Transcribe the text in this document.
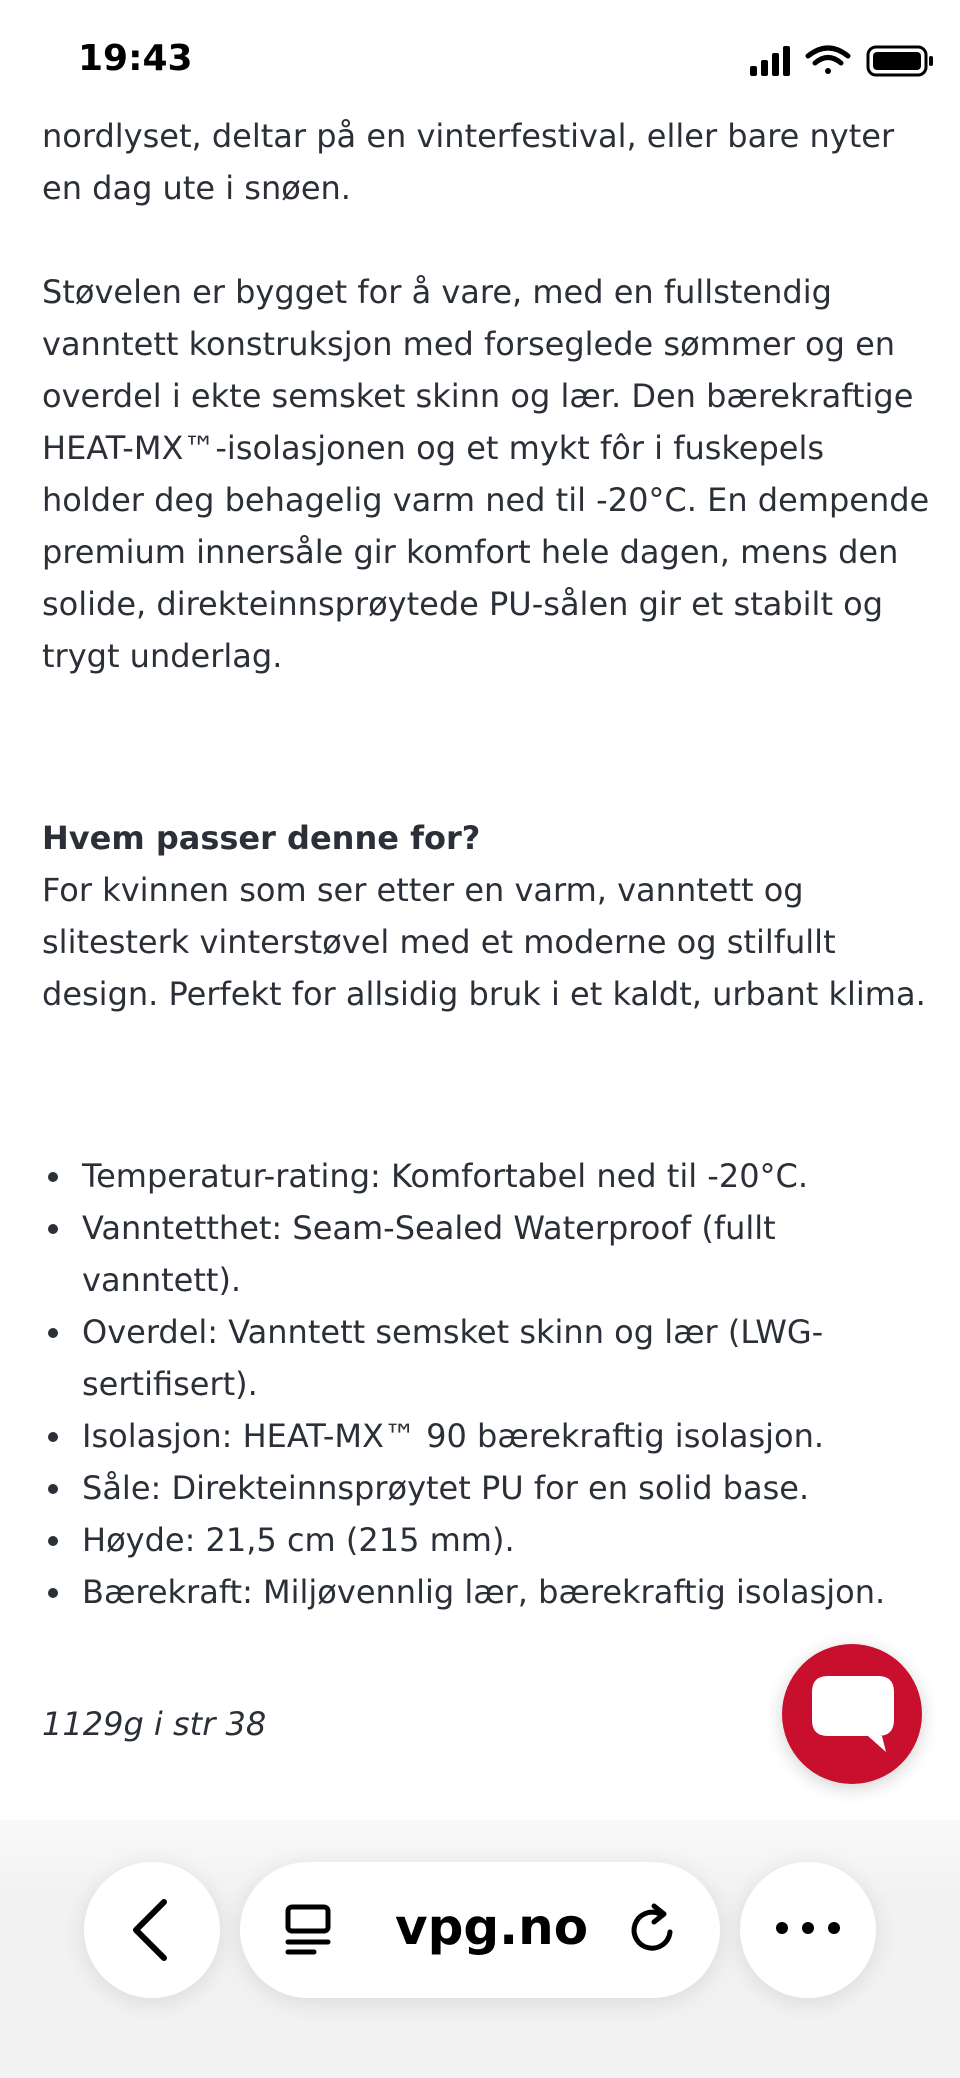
19:43

nordlyset, deltar på en vinterfestival, eller bare nyter en dag ute i snøen.

Støvelen er bygget for å vare, med en fullstendig vanntett konstruksjon med forseglede sømmer og en overdel i ekte semsket skinn og lær. Den bærekraftige HEAT-MX™-isolasjonen og et mykt fôr i fuskepels holder deg behagelig varm ned til -20°C. En dempende premium innersåle gir komfort hele dagen, mens den solide, direkteinnsprøytede PU-sålen gir et stabilt og trygt underlag.

Hvem passer denne for?

For kvinnen som ser etter en varm, vanntett og slitesterk vinterstøvel med et moderne og stilfullt design. Perfekt for allsidig bruk i et kaldt, urbant klima.

Temperatur-rating: Komfortabel ned til -20°C.
Vanntetthet: Seam-Sealed Waterproof (fullt vanntett).
Overdel: Vanntett semsket skinn og lær (LWG-sertifisert).
Isolasjon: HEAT-MX™ 90 bærekraftig isolasjon.
Såle: Direkteinnsprøytet PU for en solid base.
Høyde: 21,5 cm (215 mm).
Bærekraft: Miljøvennlig lær, bærekraftig isolasjon.

1129g i str 38

vpg.no
